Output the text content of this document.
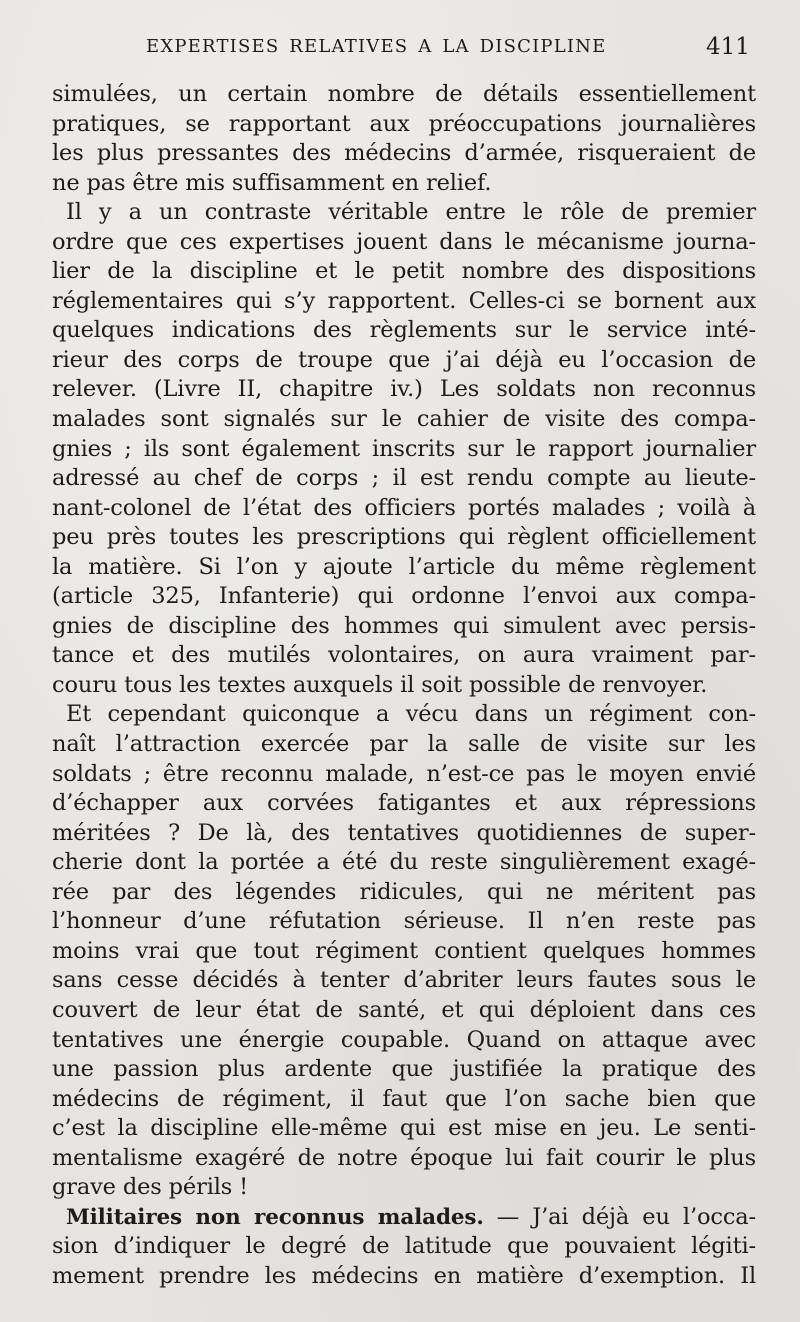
EXPERTISES RELATIVES A LA DISCIPLINE	411
simulées, un certain nombre de détails essentiellement
pratiques, se rapportant aux préoccupations journalières
les plus pressantes des médecins d’armée, risqueraient de
ne pas être mis suffisamment en relief.
Il y a un contraste véritable entre le rôle de premier
ordre que ces expertises jouent dans le mécanisme journa-
lier de la discipline et le petit nombre des dispositions
réglementaires qui s’y rapportent. Celles-ci se bornent aux
quelques indications des règlements sur le service inté-
rieur des corps de troupe que j’ai déjà eu l’occasion de
relever. (Livre II, chapitre iv.) Les soldats non reconnus
malades sont signalés sur le cahier de visite des compa-
gnies ; ils sont également inscrits sur le rapport journalier
adressé au chef de corps ; il est rendu compte au lieute-
nant-colonel de l’état des officiers portés malades ; voilà à
peu près toutes les prescriptions qui règlent officiellement
la matière. Si l’on y ajoute l’article du même règlement
(article 325, Infanterie) qui ordonne l’envoi aux compa-
gnies de discipline des hommes qui simulent avec persis-
tance et des mutilés volontaires, on aura vraiment par-
couru tous les textes auxquels il soit possible de renvoyer.
Et cependant quiconque a vécu dans un régiment con-
naît l’attraction exercée par la salle de visite sur les
soldats ; être reconnu malade, n’est-ce pas le moyen envié
d’échapper aux corvées fatigantes et aux répressions
méritées ? De là, des tentatives quotidiennes de super-
cherie dont la portée a été du reste singulièrement exagé-
rée par des légendes ridicules, qui ne méritent pas
l’honneur d’une réfutation sérieuse. Il n’en reste pas
moins vrai que tout régiment contient quelques hommes
sans cesse décidés à tenter d’abriter leurs fautes sous le
couvert de leur état de santé, et qui déploient dans ces
tentatives une énergie coupable. Quand on attaque avec
une passion plus ardente que justifiée la pratique des
médecins de régiment, il faut que l’on sache bien que
c’est la discipline elle-même qui est mise en jeu. Le senti-
mentalisme exagéré de notre époque lui fait courir le plus
grave des périls !
Militaires non reconnus malades. — J’ai déjà eu l’occa-
sion d’indiquer le degré de latitude que pouvaient légiti-
mement prendre les médecins en matière d’exemption. Il
